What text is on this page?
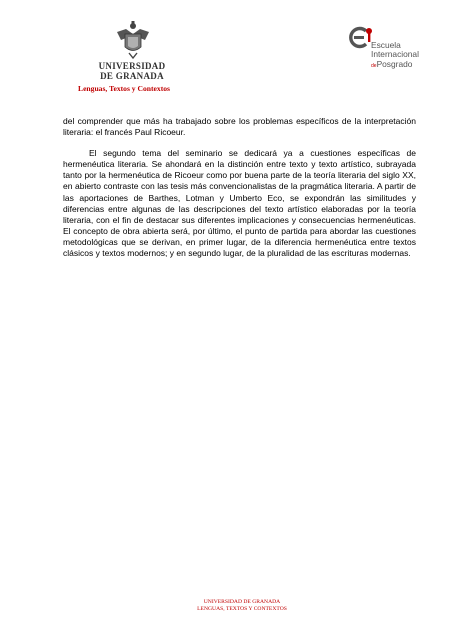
UNIVERSIDAD
DE GRANADA
Lenguas, Textos y Contextos
Escuela
Internacional
dePosgrado

del comprender que más ha trabajado sobre los problemas específicos de la interpretación literaria: el francés Paul Ricoeur.

El segundo tema del seminario se dedicará ya a cuestiones específicas de hermenéutica literaria. Se ahondará en la distinción entre texto y texto artístico, subrayada tanto por la hermenéutica de Ricoeur como por buena parte de la teoría literaria del siglo XX, en abierto contraste con las tesis más convencionalistas de la pragmática literaria. A partir de las aportaciones de Barthes, Lotman y Umberto Eco, se expondrán las similitudes y diferencias entre algunas de las descripciones del texto artístico elaboradas por la teoría literaria, con el fin de destacar sus diferentes implicaciones y consecuencias hermenéuticas. El concepto de obra abierta será, por último, el punto de partida para abordar las cuestiones metodológicas que se derivan, en primer lugar, de la diferencia hermenéutica entre textos clásicos y textos modernos; y en segundo lugar, de la pluralidad de las escrituras modernas.

UNIVERSIDAD DE GRANADA
LENGUAS, TEXTOS Y CONTEXTOS
